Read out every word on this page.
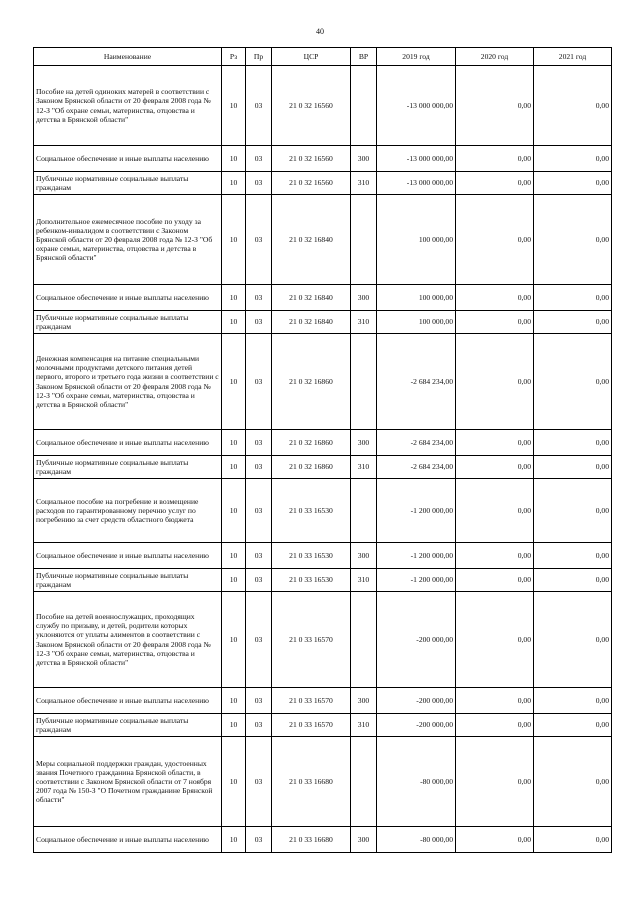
40
Наименование	Рз	Пр	ЦСР	ВР	2019 год	2020 год	2021 год
Пособие на детей одиноких матерей в соответствии с Законом Брянской области от 20 февраля 2008 года № 12-З "Об охране семьи, материнства, отцовства и детства в Брянской области"	10	03	21 0 32 16560		-13 000 000,00	0,00	0,00
Социальное обеспечение и иные выплаты населению	10	03	21 0 32 16560	300	-13 000 000,00	0,00	0,00
Публичные нормативные социальные выплаты гражданам	10	03	21 0 32 16560	310	-13 000 000,00	0,00	0,00
Дополнительное ежемесячное пособие по уходу за ребенком-инвалидом в соответствии с Законом Брянской области от 20 февраля 2008 года № 12-З "Об охране семьи, материнства, отцовства и детства в Брянской области"	10	03	21 0 32 16840		100 000,00	0,00	0,00
Социальное обеспечение и иные выплаты населению	10	03	21 0 32 16840	300	100 000,00	0,00	0,00
Публичные нормативные социальные выплаты гражданам	10	03	21 0 32 16840	310	100 000,00	0,00	0,00
Денежная компенсация на питание специальными молочными продуктами детского питания детей первого, второго и третьего года жизни в соответствии с Законом Брянской области от 20 февраля 2008 года № 12-З "Об охране семьи, материнства, отцовства и детства в Брянской области"	10	03	21 0 32 16860		-2 684 234,00	0,00	0,00
Социальное обеспечение и иные выплаты населению	10	03	21 0 32 16860	300	-2 684 234,00	0,00	0,00
Публичные нормативные социальные выплаты гражданам	10	03	21 0 32 16860	310	-2 684 234,00	0,00	0,00
Социальное пособие на погребение и возмещение расходов по гарантированному перечню услуг по погребению за счет средств областного бюджета	10	03	21 0 33 16530		-1 200 000,00	0,00	0,00
Социальное обеспечение и иные выплаты населению	10	03	21 0 33 16530	300	-1 200 000,00	0,00	0,00
Публичные нормативные социальные выплаты гражданам	10	03	21 0 33 16530	310	-1 200 000,00	0,00	0,00
Пособие на детей военнослужащих, проходящих службу по призыву, и детей, родители которых уклоняются от уплаты алиментов в соответствии с Законом Брянской области от 20 февраля 2008 года № 12-З "Об охране семьи, материнства, отцовства и детства в Брянской области"	10	03	21 0 33 16570		-200 000,00	0,00	0,00
Социальное обеспечение и иные выплаты населению	10	03	21 0 33 16570	300	-200 000,00	0,00	0,00
Публичные нормативные социальные выплаты гражданам	10	03	21 0 33 16570	310	-200 000,00	0,00	0,00
Меры социальной поддержки граждан, удостоенных звания Почетного гражданина Брянской области, в соответствии с Законом Брянской области от 7 ноября 2007 года № 150-З "О Почетном гражданине Брянской области"	10	03	21 0 33 16680		-80 000,00	0,00	0,00
Социальное обеспечение и иные выплаты населению	10	03	21 0 33 16680	300	-80 000,00	0,00	0,00
